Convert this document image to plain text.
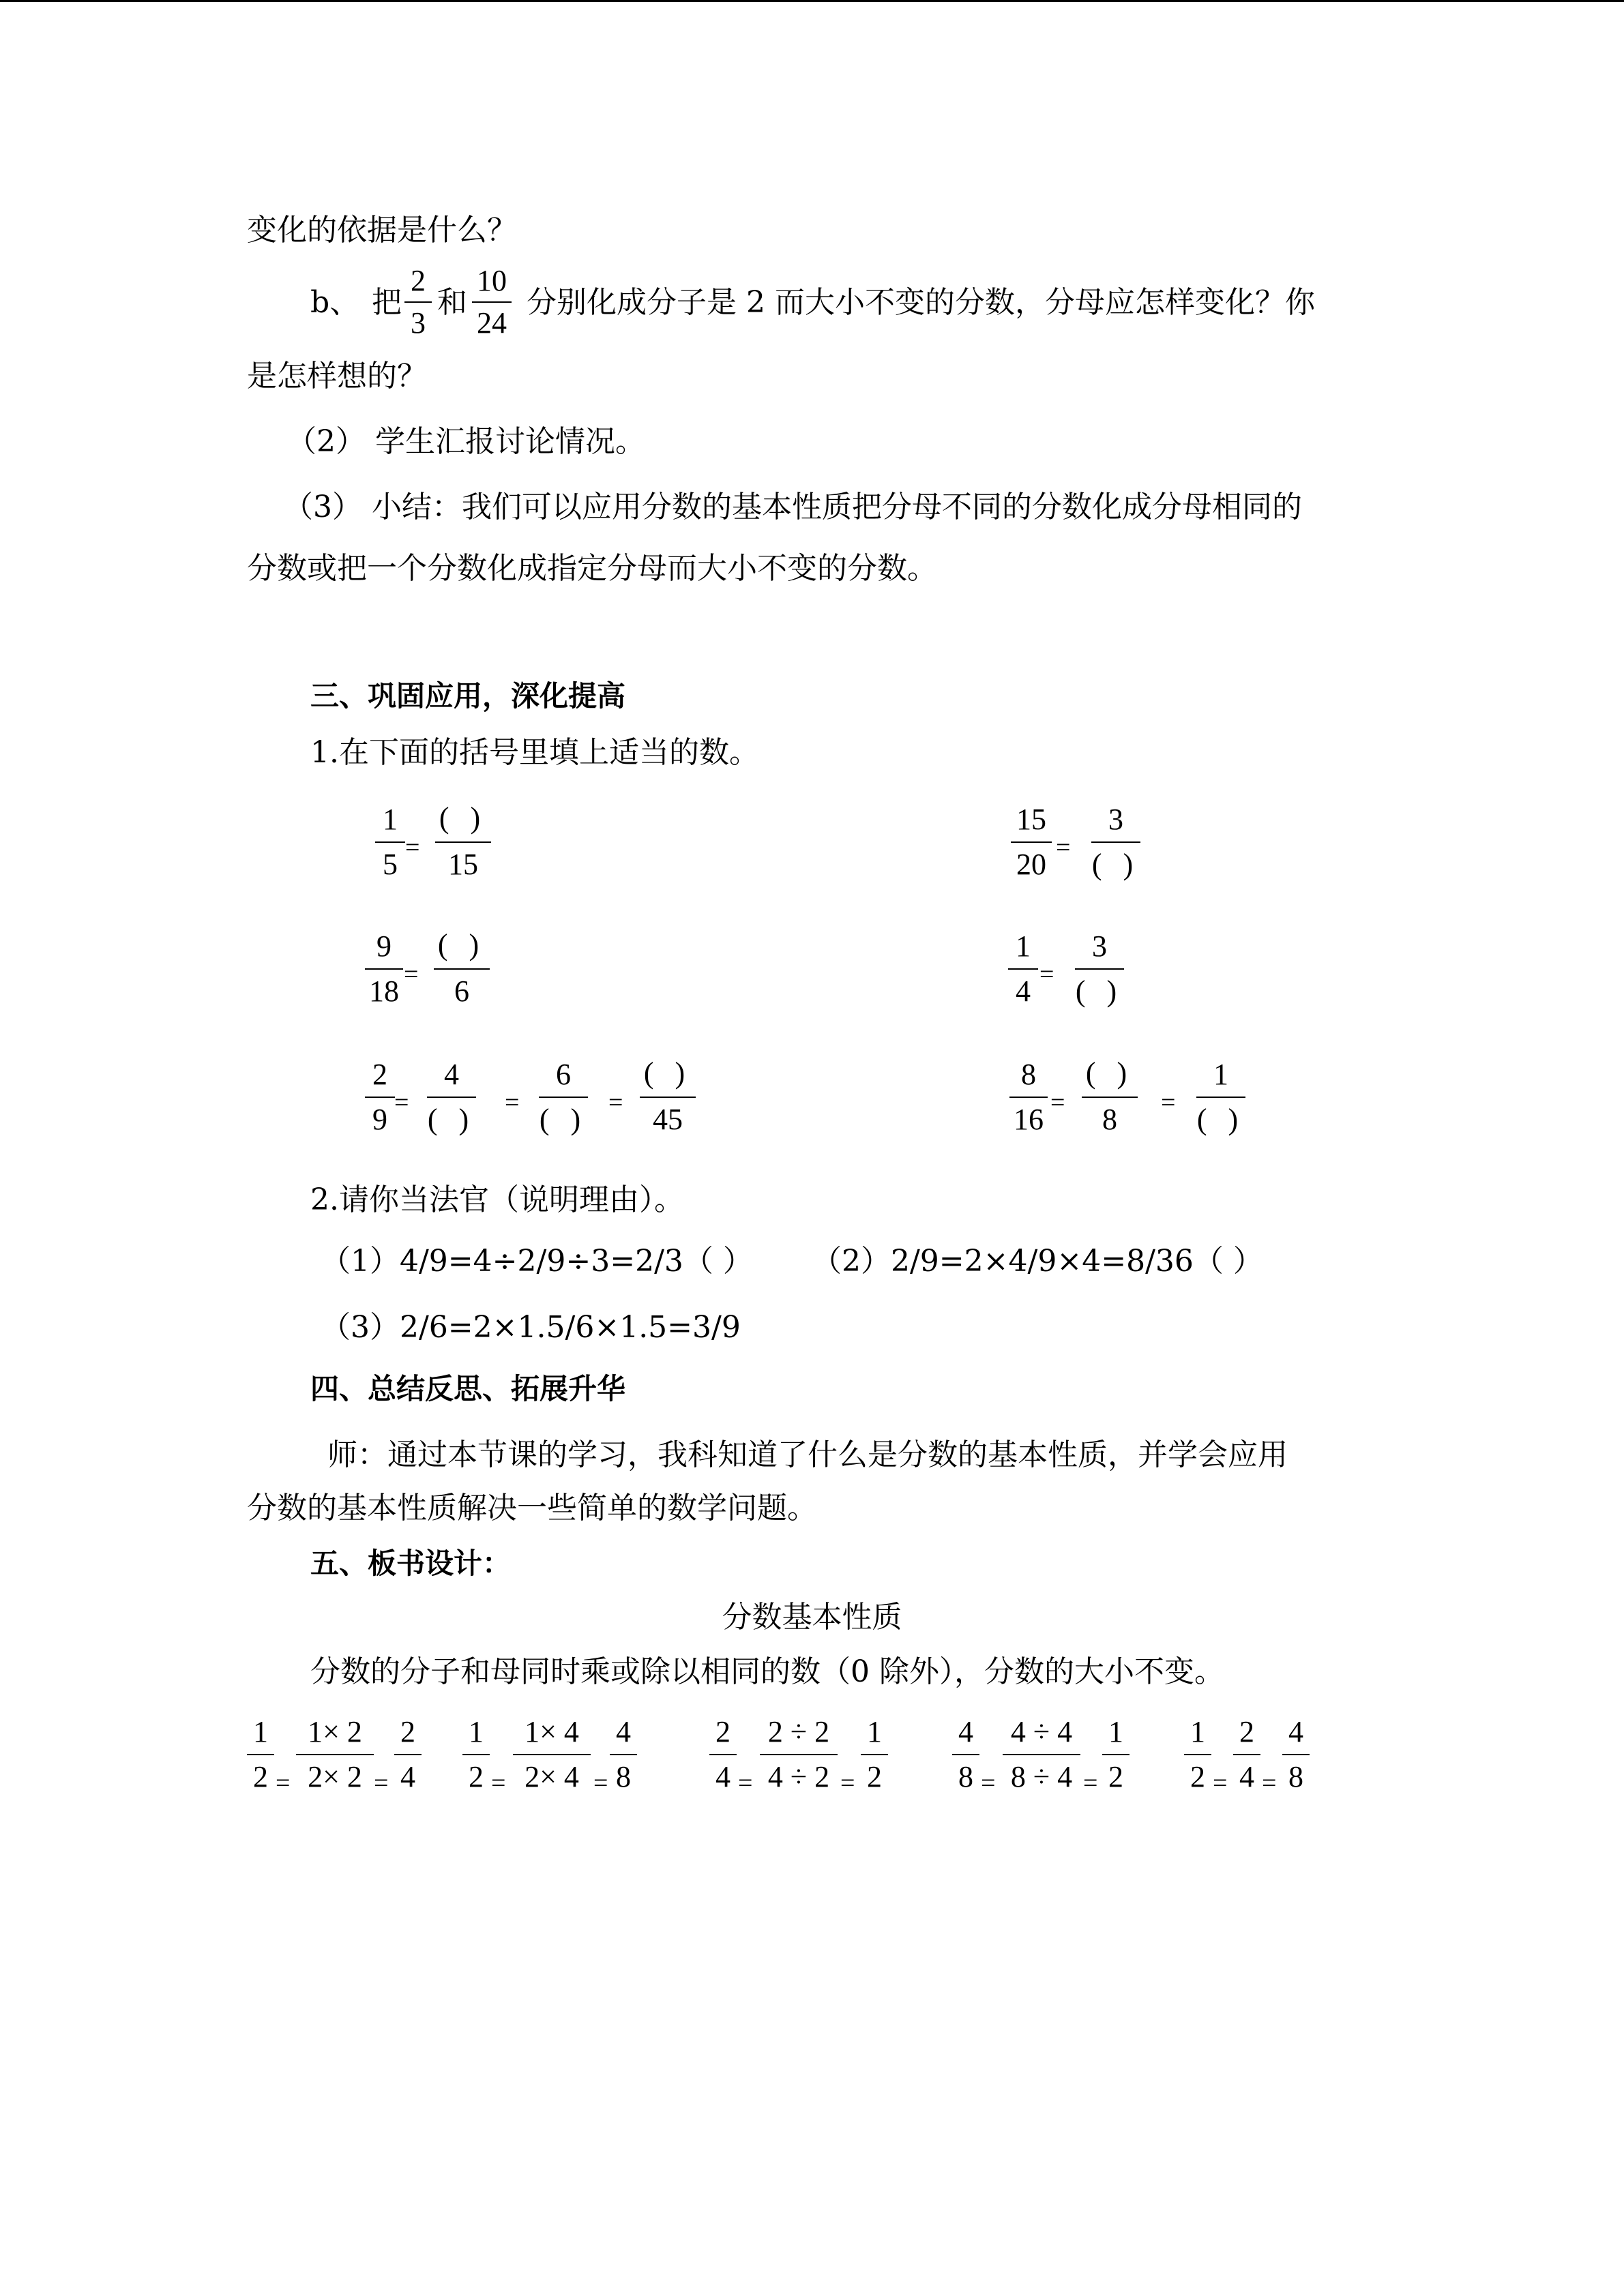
变化的依据是什么？
b、 把
2
3
和
10
24
分别化成分子是 2 而大小不变的分数，分母应怎样变化？你
是怎样想的？
（2） 学生汇报讨论情况。
（3） 小结：我们可以应用分数的基本性质把分母不同的分数化成分母相同的
分数或把一个分数化成指定分母而大小不变的分数。
三、巩固应用，深化提高
1.在下面的括号里填上适当的数。
1
5 =
( )
15
15
20 =
3
( )
9
18 =
( )
6
1
4 =
3
( )
2
9 =
4
( ) =
6
( ) =
( )
45
8
16 =
( )
8	=
1
( )
2.请你当法官（说明理由）。
（1）4/9=4÷2/9÷3=2/3（ ） （2）2/9=2×4/9×4=8/36（ ）
（3）2/6=2×1.5/6×1.5=3/9
四、总结反思、拓展升华
师：通过本节课的学习，我科知道了什么是分数的基本性质，并学会应用
分数的基本性质解决一些简单的数学问题。
五、板书设计：
分数基本性质
分数的分子和母同时乘或除以相同的数（0 除外），分数的大小不变。
1
2 =
1× 2
2× 2 =
2
4
1
2 =
1× 4
2× 4 =
4
8
2
4 =
2 ÷ 2
4 ÷ 2 =
1
2
4
8 =
4 ÷ 4
8 ÷ 4 =
1
2
1
2 =
2
4 =
4
8
